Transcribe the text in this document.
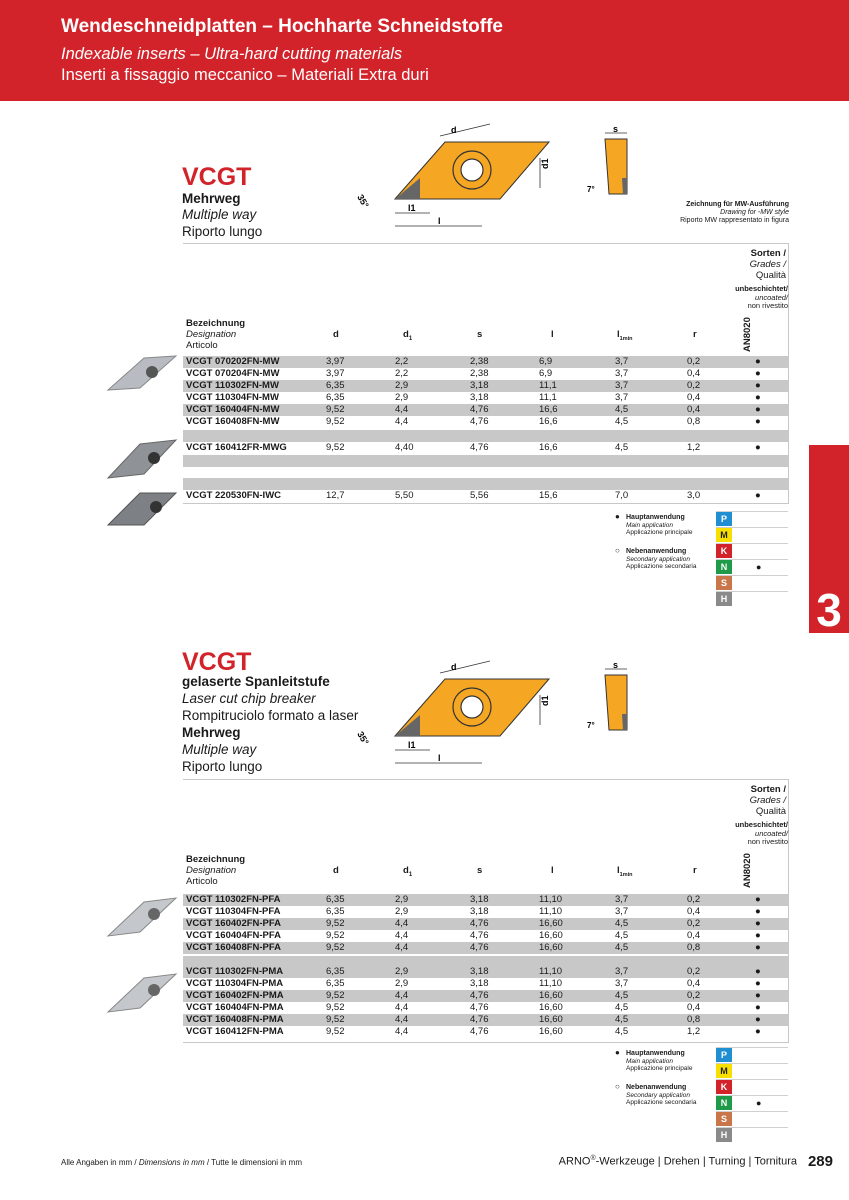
Wendeschneidplatten – Hochharte Schneidstoffe
Indexable inserts – Ultra-hard cutting materials
Inserti a fissaggio meccanico – Materiali Extra duri
3
VCGT
Mehrweg
Multiple way
Riporto lungo
d
d1
l1
l
35°
s
7°
Zeichnung für MW-Ausführung
Drawing for -MW style
Riporto MW rappresentato in figura
Bezeichnung
Designation
Articolo
d	$d_1$	s	l	$l_{1min}$	r
Sorten /
Grades /
Qualità
unbeschichtet/
uncoated/
non rivestito
AN8020
VCGT 070202FN-MW	3,97	2,2	2,38	6,9	3,7	0,2	●
VCGT 070204FN-MW	3,97	2,2	2,38	6,9	3,7	0,4	●
VCGT 110302FN-MW	6,35	2,9	3,18	11,1	3,7	0,2	●
VCGT 110304FN-MW	6,35	2,9	3,18	11,1	3,7	0,4	●
VCGT 160404FN-MW	9,52	4,4	4,76	16,6	4,5	0,4	●
VCGT 160408FN-MW	9,52	4,4	4,76	16,6	4,5	0,8	●
VCGT 160412FR-MWG	9,52	4,40	4,76	16,6	4,5	1,2	●
VCGT 220530FN-IWC	12,7	5,50	5,56	15,6	7,0	3,0	●
● Hauptanwendung
Main application
Applicazione principale
○ Nebenanwendung
Secondary application
Applicazione secondaria
P
M
K
N	●
S
H
VCGT
gelaserte Spanleitstufe
Laser cut chip breaker
Rompitruciolo formato a laser
Mehrweg
Multiple way
Riporto lungo
d
d1
l1
l
35°
s
7°
Bezeichnung
Designation
Articolo
d	$d_1$	s	l	$l_{1min}$	r
Sorten /
Grades /
Qualità
unbeschichtet/
uncoated/
non rivestito
AN8020
VCGT 110302FN-PFA	6,35	2,9	3,18	11,10	3,7	0,2	●
VCGT 110304FN-PFA	6,35	2,9	3,18	11,10	3,7	0,4	●
VCGT 160402FN-PFA	9,52	4,4	4,76	16,60	4,5	0,2	●
VCGT 160404FN-PFA	9,52	4,4	4,76	16,60	4,5	0,4	●
VCGT 160408FN-PFA	9,52	4,4	4,76	16,60	4,5	0,8	●
VCGT 110302FN-PMA	6,35	2,9	3,18	11,10	3,7	0,2	●
VCGT 110304FN-PMA	6,35	2,9	3,18	11,10	3,7	0,4	●
VCGT 160402FN-PMA	9,52	4,4	4,76	16,60	4,5	0,2	●
VCGT 160404FN-PMA	9,52	4,4	4,76	16,60	4,5	0,4	●
VCGT 160408FN-PMA	9,52	4,4	4,76	16,60	4,5	0,8	●
VCGT 160412FN-PMA	9,52	4,4	4,76	16,60	4,5	1,2	●
● Hauptanwendung
Main application
Applicazione principale
○ Nebenanwendung
Secondary application
Applicazione secondaria
P
M
K
N	●
S
H
Alle Angaben in mm / Dimensions in mm / Tutte le dimensioni in mm	ARNO®-Werkzeuge | Drehen | Turning | Tornitura 289
